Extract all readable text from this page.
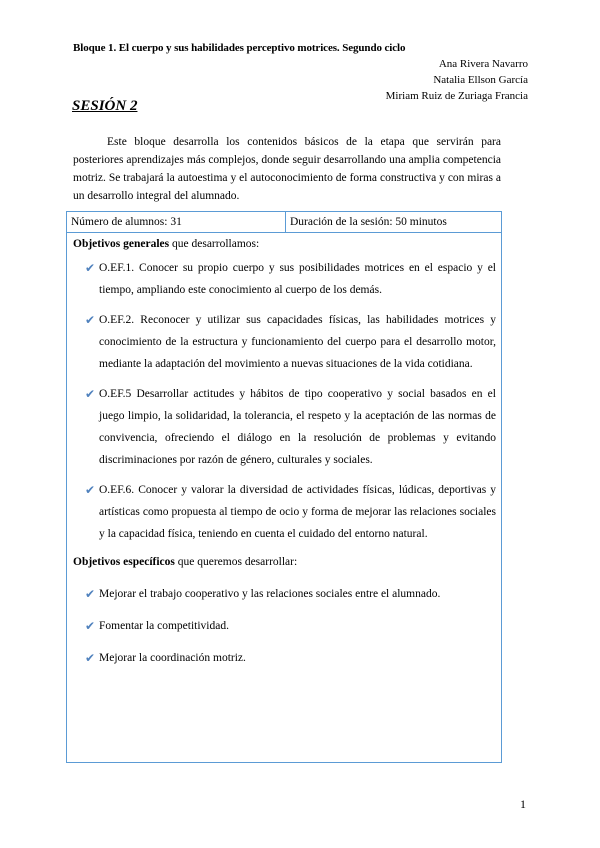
Bloque 1. El cuerpo y sus habilidades perceptivo motrices. Segundo ciclo
Ana Rivera Navarro
Natalia Ellson García
Miriam Ruiz de Zuriaga Francia
SESIÓN 2

Este bloque desarrolla los contenidos básicos de la etapa que servirán para posteriores aprendizajes más complejos, donde seguir desarrollando una amplia competencia motriz. Se trabajará la autoestima y el autoconocimiento de forma constructiva y con miras a un desarrollo integral del alumnado.

Número de alumnos: 31	Duración de la sesión: 50 minutos

Objetivos generales que desarrollamos:

✔ O.EF.1. Conocer su propio cuerpo y sus posibilidades motrices en el espacio y el tiempo, ampliando este conocimiento al cuerpo de los demás.
✔ O.EF.2. Reconocer y utilizar sus capacidades físicas, las habilidades motrices y conocimiento de la estructura y funcionamiento del cuerpo para el desarrollo motor, mediante la adaptación del movimiento a nuevas situaciones de la vida cotidiana.
✔ O.EF.5 Desarrollar actitudes y hábitos de tipo cooperativo y social basados en el juego limpio, la solidaridad, la tolerancia, el respeto y la aceptación de las normas de convivencia, ofreciendo el diálogo en la resolución de problemas y evitando discriminaciones por razón de género, culturales y sociales.
✔ O.EF.6. Conocer y valorar la diversidad de actividades físicas, lúdicas, deportivas y artísticas como propuesta al tiempo de ocio y forma de mejorar las relaciones sociales y la capacidad física, teniendo en cuenta el cuidado del entorno natural.

Objetivos específicos que queremos desarrollar:

✔ Mejorar el trabajo cooperativo y las relaciones sociales entre el alumnado.
✔ Fomentar la competitividad.
✔ Mejorar la coordinación motriz.
1
